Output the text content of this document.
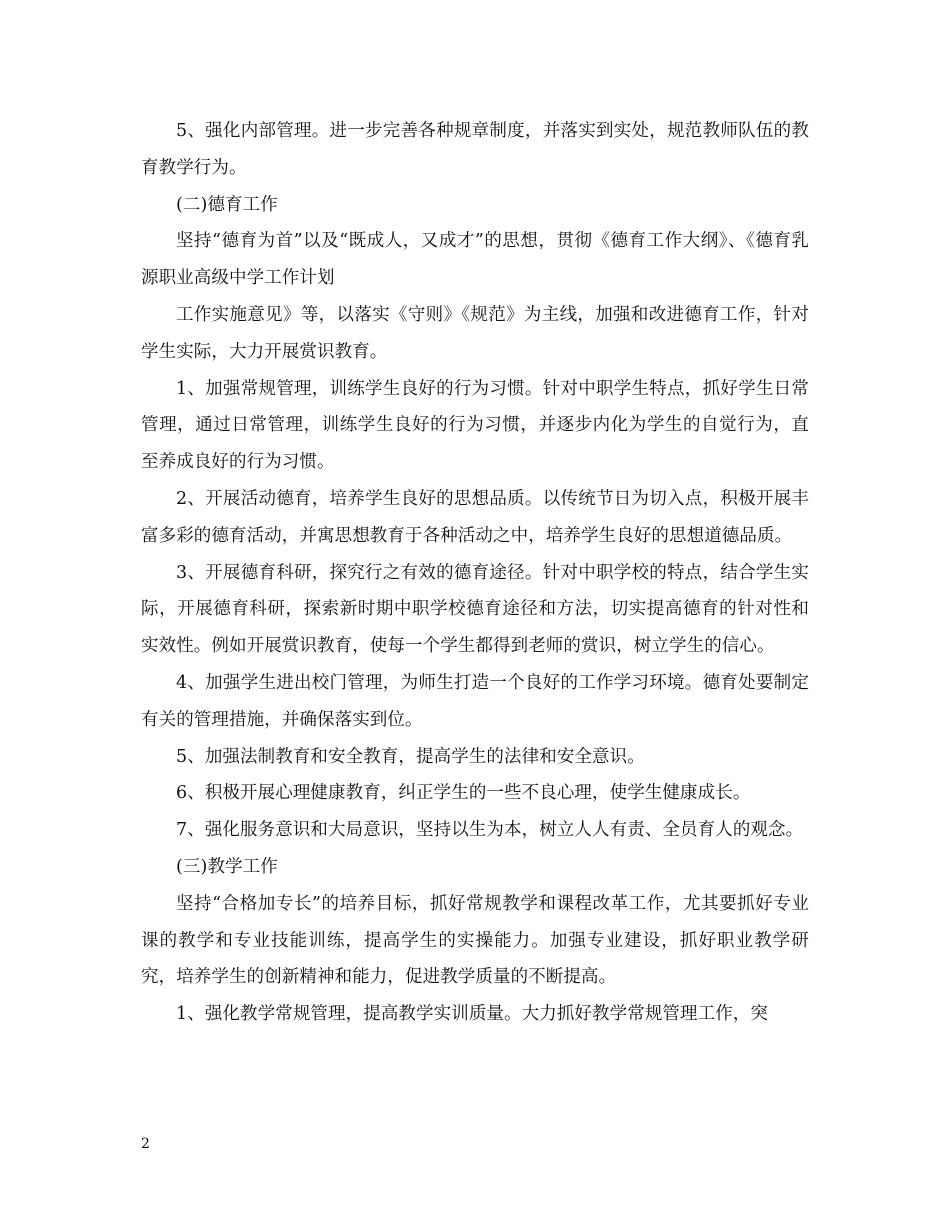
5、强化内部管理。进一步完善各种规章制度，并落实到实处，规范教师队伍的教育教学行为。

(二)德育工作

坚持“德育为首”以及“既成人，又成才”的思想，贯彻《德育工作大纲》、《德育乳源职业高级中学工作计划

工作实施意见》等，以落实《守则》《规范》为主线，加强和改进德育工作，针对学生实际，大力开展赏识教育。

1、加强常规管理，训练学生良好的行为习惯。针对中职学生特点，抓好学生日常管理，通过日常管理，训练学生良好的行为习惯，并逐步内化为学生的自觉行为，直至养成良好的行为习惯。

2、开展活动德育，培养学生良好的思想品质。以传统节日为切入点，积极开展丰富多彩的德育活动，并寓思想教育于各种活动之中，培养学生良好的思想道德品质。

3、开展德育科研，探究行之有效的德育途径。针对中职学校的特点，结合学生实际，开展德育科研，探索新时期中职学校德育途径和方法，切实提高德育的针对性和实效性。例如开展赏识教育，使每一个学生都得到老师的赏识，树立学生的信心。

4、加强学生进出校门管理，为师生打造一个良好的工作学习环境。德育处要制定有关的管理措施，并确保落实到位。

5、加强法制教育和安全教育，提高学生的法律和安全意识。

6、积极开展心理健康教育，纠正学生的一些不良心理，使学生健康成长。

7、强化服务意识和大局意识，坚持以生为本，树立人人有责、全员育人的观念。

(三)教学工作

坚持“合格加专长”的培养目标，抓好常规教学和课程改革工作，尤其要抓好专业课的教学和专业技能训练，提高学生的实操能力。加强专业建设，抓好职业教学研究，培养学生的创新精神和能力，促进教学质量的不断提高。

1、强化教学常规管理，提高教学实训质量。大力抓好教学常规管理工作，突

2
